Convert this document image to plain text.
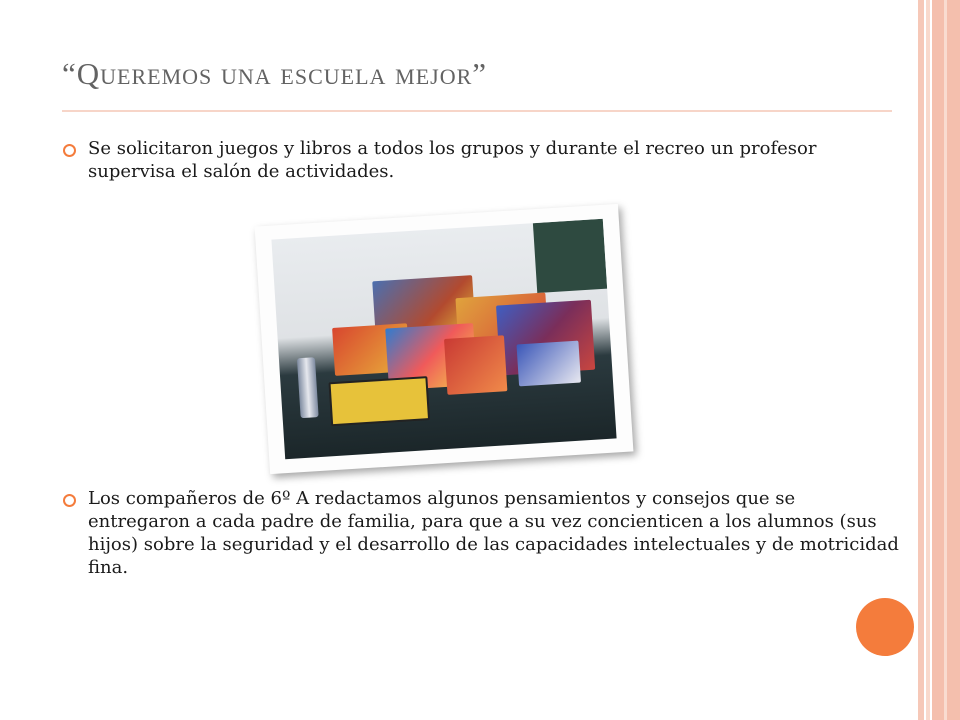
“Queremos una escuela mejor”
Se solicitaron juegos y libros a todos los grupos y durante el recreo un profesor supervisa el salón de actividades.
Los compañeros de 6º A redactamos algunos pensamientos y consejos que se entregaron a cada padre de familia, para que a su vez concienticen a los alumnos (sus hijos) sobre la seguridad y el desarrollo de las capacidades intelectuales y de motricidad fina.
